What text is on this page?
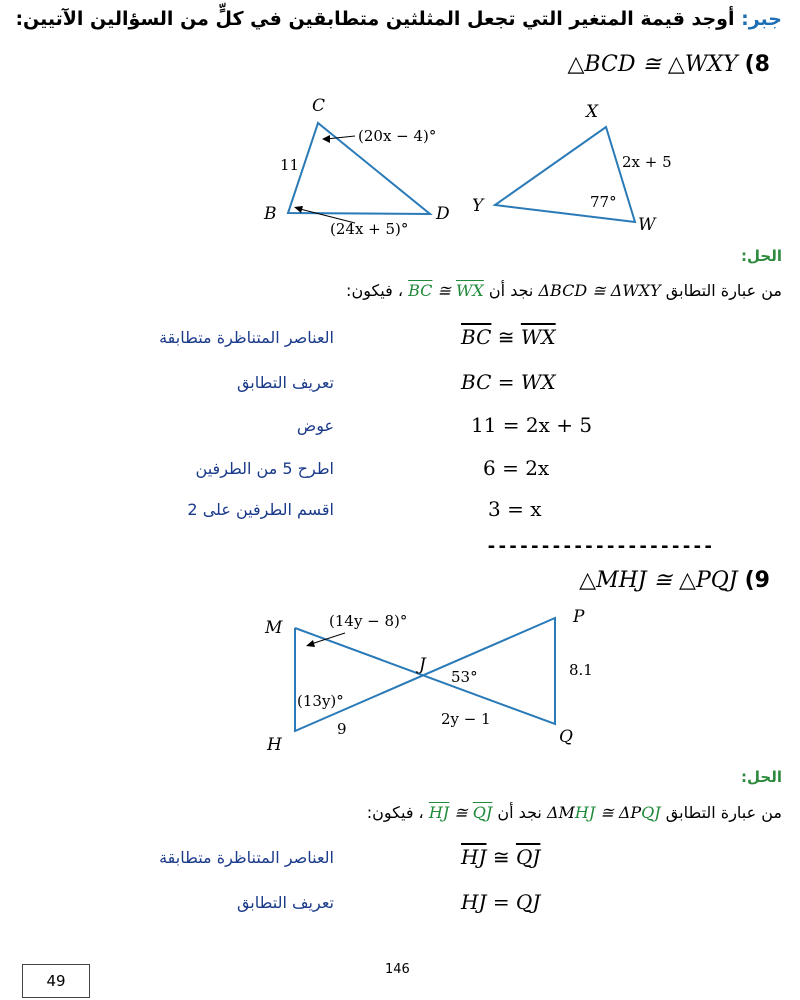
جبر: أوجد قيمة المتغير التي تجعل المثلثين متطابقين في كلٍّ من السؤالين الآتيين:
△BCD ≅ △WXY (8
C
B	D
11
(20x − 4)°
(24x + 5)°
X
Y
W
2x + 5
77°
الحل:
من عبارة التطابق ΔBCD ≅ ΔWXY نجد أن $\overline{BC}$ ≅ $\overline{WX}$ ، فيكون:
العناصر المتناظرة متطابقة	$\overline{BC}$ ≅ $\overline{WX}$
تعريف التطابق	BC = WX
عوض	11 = 2x + 5
اطرح 5 من الطرفين	6 = 2x
اقسم الطرفين على 2	3 = x
---------------------
△MHJ ≅ △PQJ (9
M
H
J
P
Q
(14y − 8)°
(13y)°
9
53°
2y − 1
8.1
الحل:
من عبارة التطابق ΔMHJ ≅ ΔPQJ نجد أن $\overline{HJ}$ ≅ $\overline{QJ}$ ، فيكون:
العناصر المتناظرة متطابقة	$\overline{HJ}$ ≅ $\overline{QJ}$
تعريف التطابق	HJ = QJ
146
49
